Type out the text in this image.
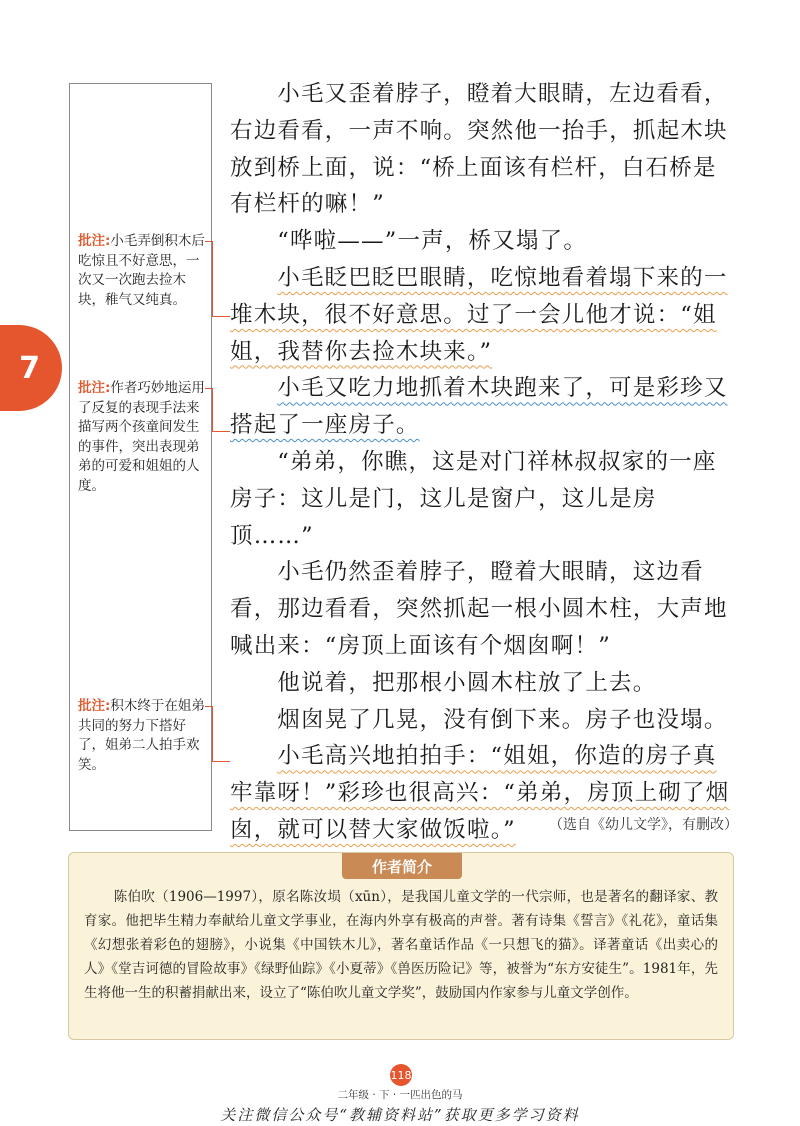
7
批注:小毛弄倒积木后吃惊且不好意思，一次又一次跑去捡木块，稚气又纯真。
批注:作者巧妙地运用了反复的表现手法来描写两个孩童间发生的事件，突出表现弟弟的可爱和姐姐的人度。
批注:积木终于在姐弟共同的努力下搭好了，姐弟二人拍手欢笑。

小毛又歪着脖子，瞪着大眼睛，左边看看，右边看看，一声不响。突然他一抬手，抓起木块放到桥上面，说：“桥上面该有栏杆，白石桥是有栏杆的嘛！”

“哗啦——”一声，桥又塌了。

小毛眨巴眨巴眼睛，吃惊地看着塌下来的一堆木块，很不好意思。过了一会儿他才说：“姐姐，我替你去捡木块来。”

小毛又吃力地抓着木块跑来了，可是彩珍又搭起了一座房子。

“弟弟，你瞧，这是对门祥林叔叔家的一座房子：这儿是门，这儿是窗户，这儿是房顶……”

小毛仍然歪着脖子，瞪着大眼睛，这边看看，那边看看，突然抓起一根小圆木柱，大声地喊出来：“房顶上面该有个烟囱啊！”

他说着，把那根小圆木柱放了上去。

烟囱晃了几晃，没有倒下来。房子也没塌。

小毛高兴地拍拍手：“姐姐，你造的房子真牢靠呀！”彩珍也很高兴：“弟弟，房顶上砌了烟囱，就可以替大家做饭啦。”	（选自《幼儿文学》，有删改）
作者简介
陈伯吹（1906—1997），原名陈汝埙（xūn），是我国儿童文学的一代宗师，也是著名的翻译家、教育家。他把毕生精力奉献给儿童文学事业，在海内外享有极高的声誉。著有诗集《誓言》《礼花》，童话集《幻想张着彩色的翅膀》，小说集《中国铁木儿》，著名童话作品《一只想飞的猫》。译著童话《出卖心的人》《堂吉诃德的冒险故事》《绿野仙踪》《小夏蒂》《兽医历险记》等，被誉为“东方安徒生”。1981年，先生将他一生的积蓄捐献出来，设立了“陈伯吹儿童文学奖”，鼓励国内作家参与儿童文学创作。
118
二年级 · 下 · 一匹出色的马
关注微信公众号“教辅资料站”获取更多学习资料
